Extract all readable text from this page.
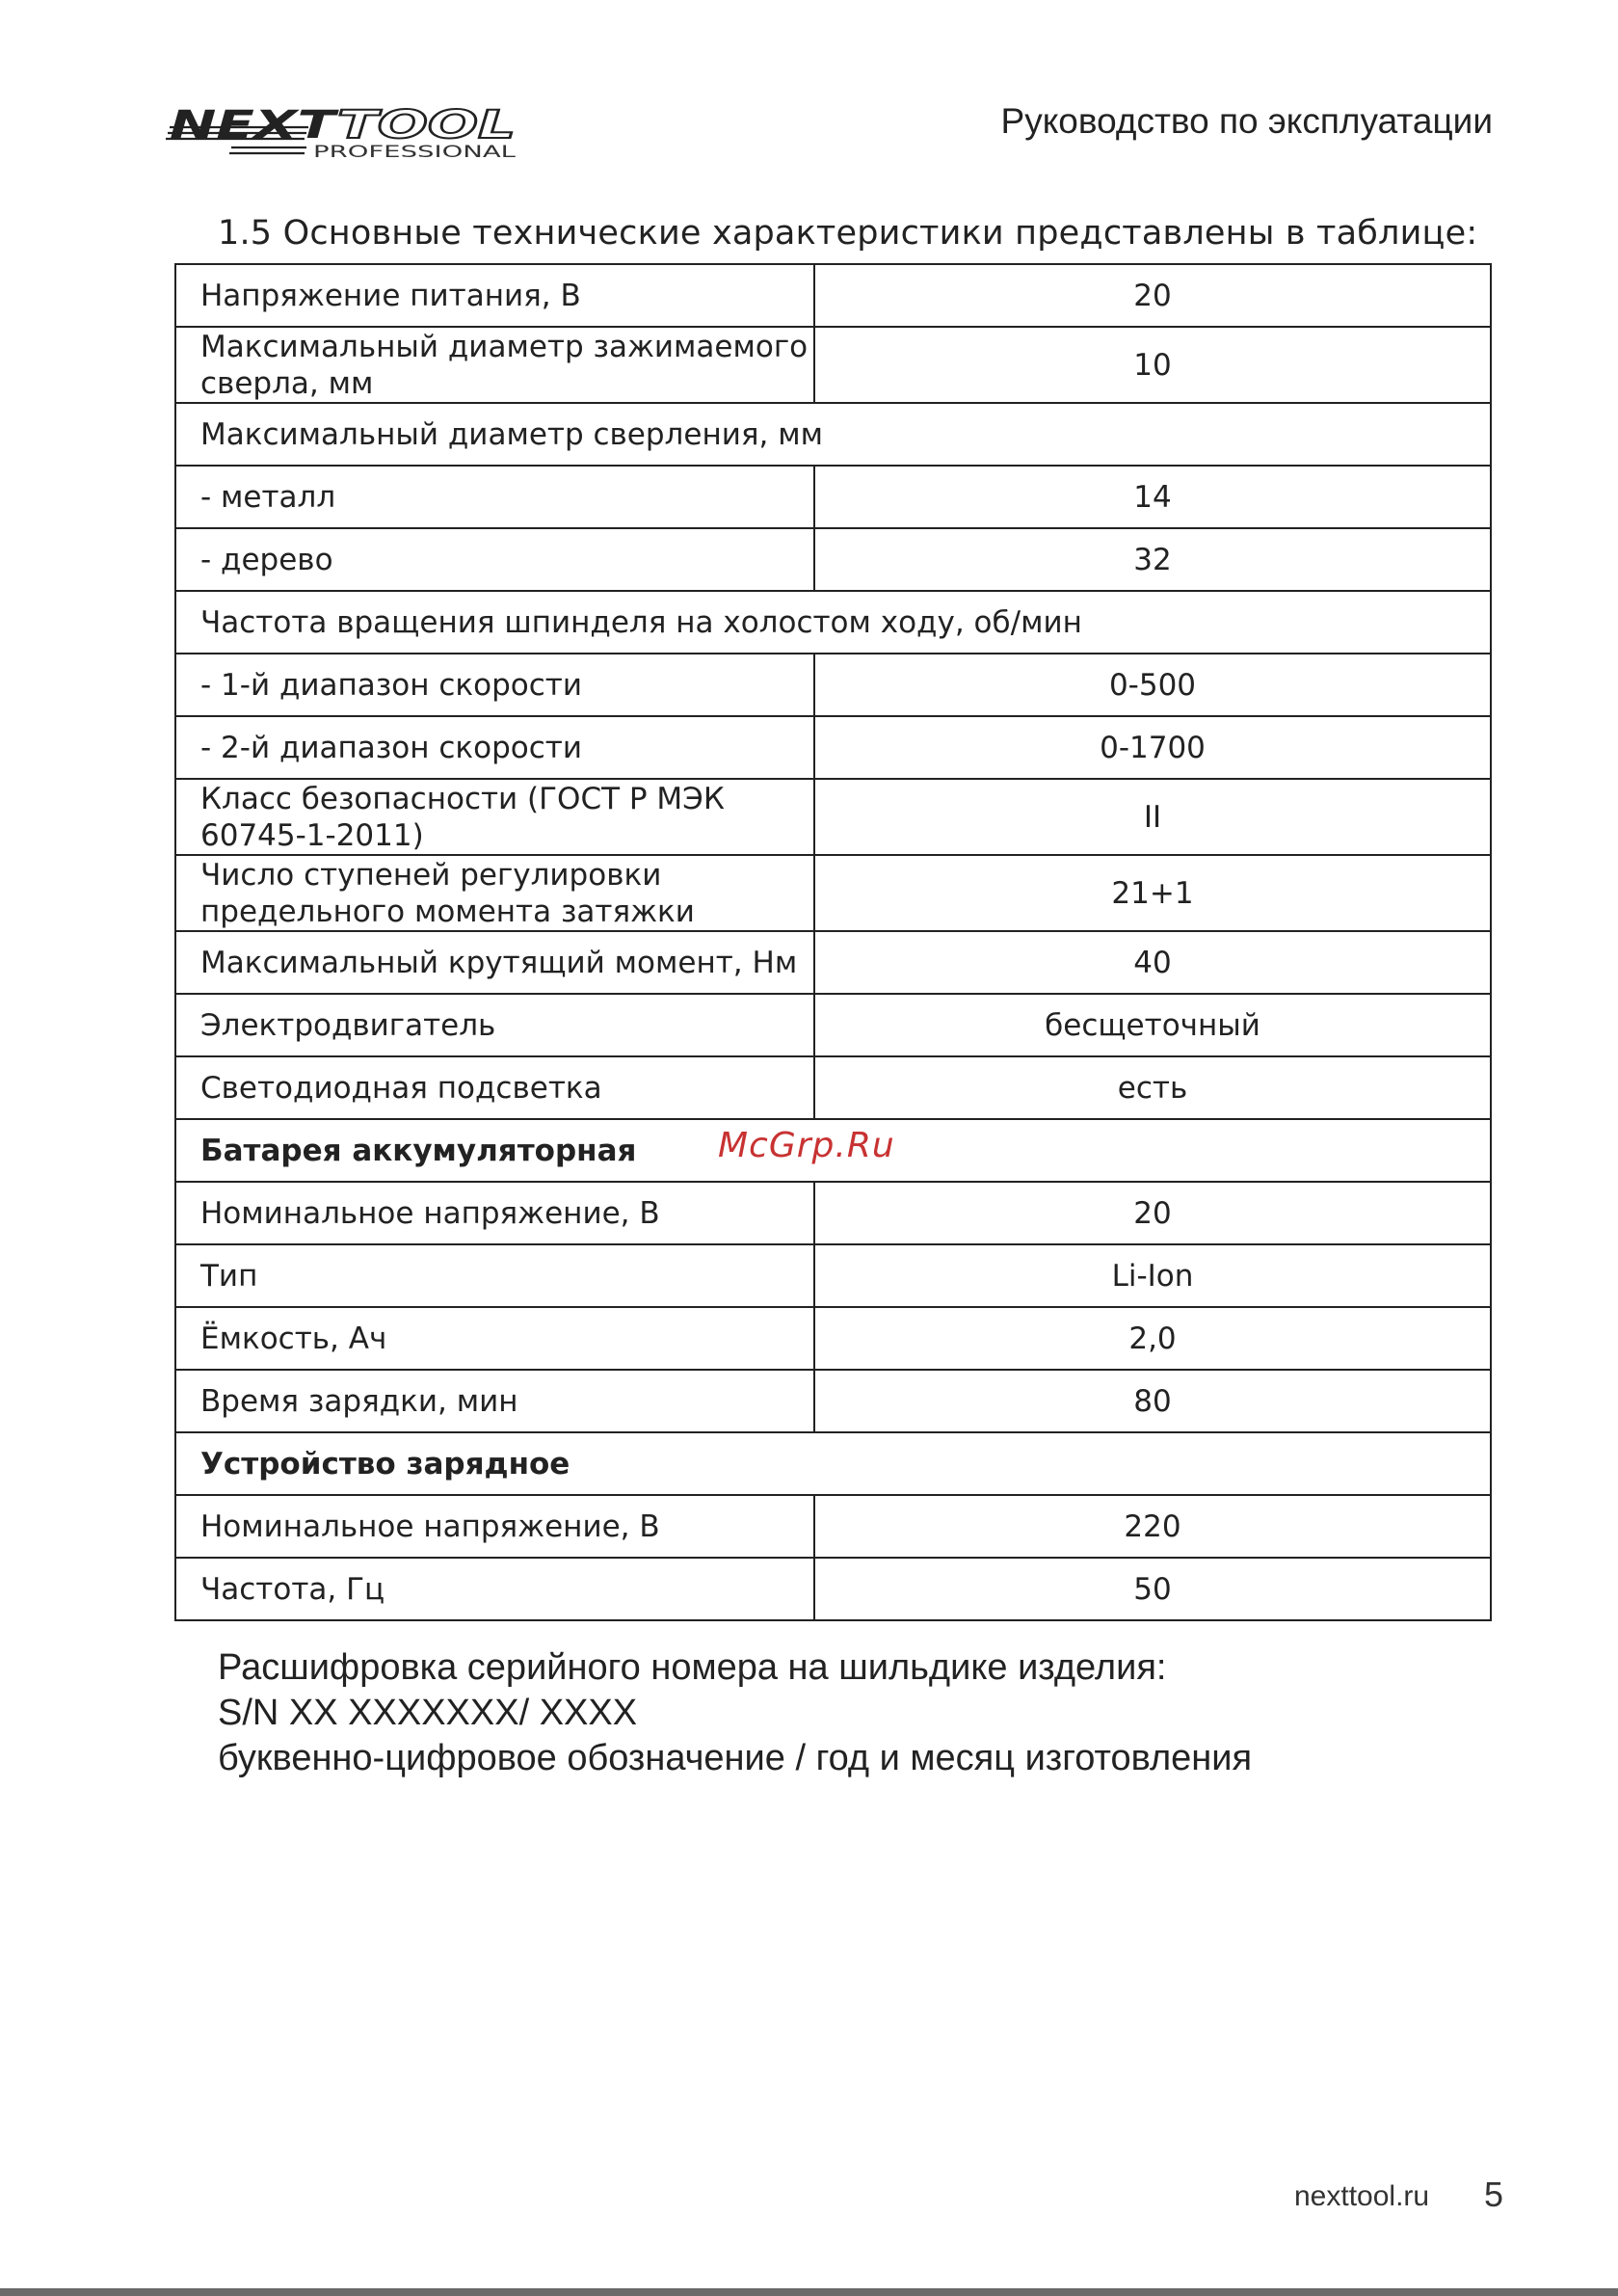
NEXT
TOOL
PROFESSIONAL
Руководство по эксплуатации
1.5 Основные технические характеристики представлены в таблице:
Напряжение питания, В	20
Максимальный диаметр зажимаемого сверла, мм	10
Максимальный диаметр сверления, мм	
- металл	14
- дерево	32
Частота вращения шпинделя на холостом ходу, об/мин	
- 1-й диапазон скорости	0-500
- 2-й диапазон скорости	0-1700
Класс безопасности (ГОСТ Р МЭК 60745-1-2011)	II
Число ступеней регулировки предельного момента затяжки	21+1
Максимальный крутящий момент, Нм	40
Электродвигатель	бесщеточный
Светодиодная подсветка	есть
Батарея аккумуляторная	
Номинальное напряжение, В	20
Тип	Li-Ion
Ёмкость, Ач	2,0
Время зарядки, мин	80
Устройство зарядное	
Номинальное напряжение, В	220
Частота, Гц	50
McGrp.Ru
Расшифровка серийного номера на шильдике изделия:
S/N XX XXXXXXX/ XXXX
буквенно-цифровое обозначение / год и месяц изготовления
nexttool.ru 5
